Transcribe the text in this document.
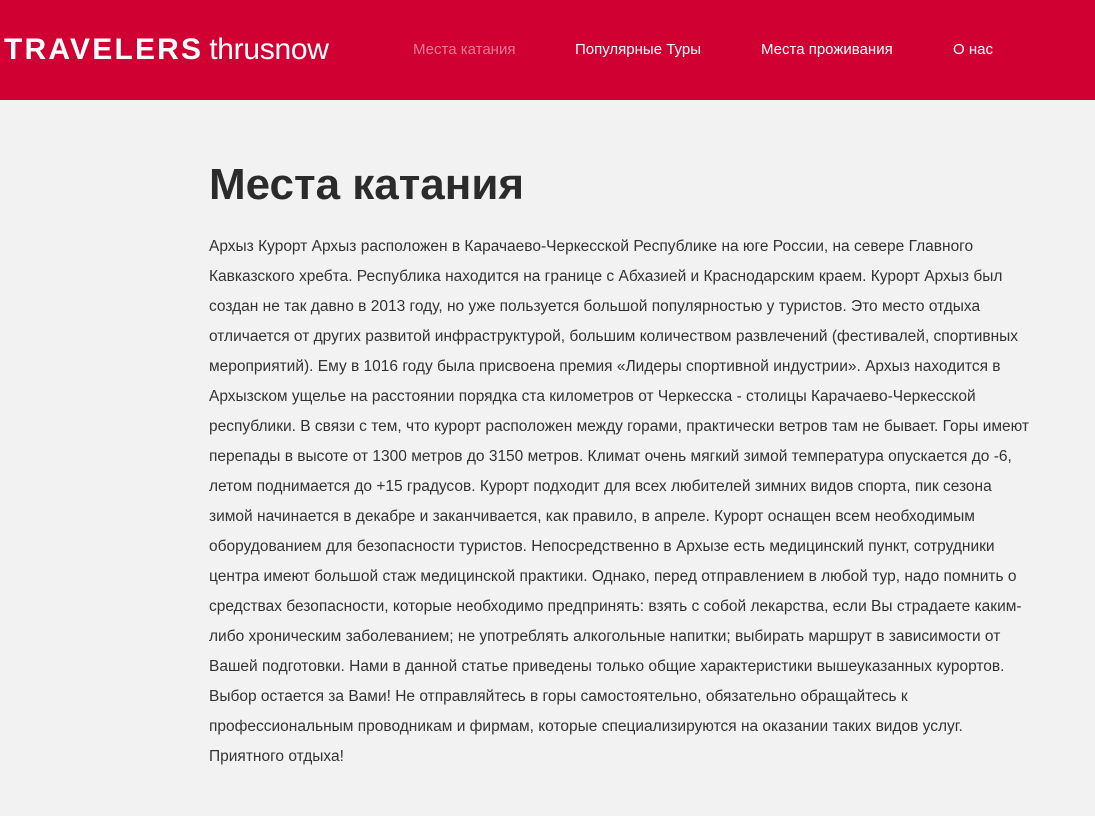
TRAVELERS thrusnow	Места катания	Популярные Туры	Места проживания	О нас
Места катания

Архыз Курорт Архыз расположен в Карачаево-Черкесской Республике на юге России, на севере Главного Кавказского хребта. Республика находится на границе с Абхазией и Краснодарским краем. Курорт Архыз был создан не так давно в 2013 году, но уже пользуется большой популярностью у туристов. Это место отдыха отличается от других развитой инфраструктурой, большим количеством развлечений (фестивалей, спортивных мероприятий). Ему в 1016 году была присвоена премия «Лидеры спортивной индустрии». Архыз находится в Архызском ущелье на расстоянии порядка ста километров от Черкесска - столицы Карачаево-Черкесской республики. В связи с тем, что курорт расположен между горами, практически ветров там не бывает. Горы имеют перепады в высоте от 1300 метров до 3150 метров. Климат очень мягкий зимой температура опускается до -6, летом поднимается до +15 градусов. Курорт подходит для всех любителей зимних видов спорта, пик сезона зимой начинается в декабре и заканчивается, как правило, в апреле. Курорт оснащен всем необходимым оборудованием для безопасности туристов. Непосредственно в Архызе есть медицинский пункт, сотрудники центра имеют большой стаж медицинской практики. Однако, перед отправлением в любой тур, надо помнить о средствах безопасности, которые необходимо предпринять: взять с собой лекарства, если Вы страдаете каким-либо хроническим заболеванием; не употреблять алкогольные напитки; выбирать маршрут в зависимости от Вашей подготовки. Нами в данной статье приведены только общие характеристики вышеуказанных курортов. Выбор остается за Вами! Не отправляйтесь в горы самостоятельно, обязательно обращайтесь к профессиональным проводникам и фирмам, которые специализируются на оказании таких видов услуг. Приятного отдыха!
